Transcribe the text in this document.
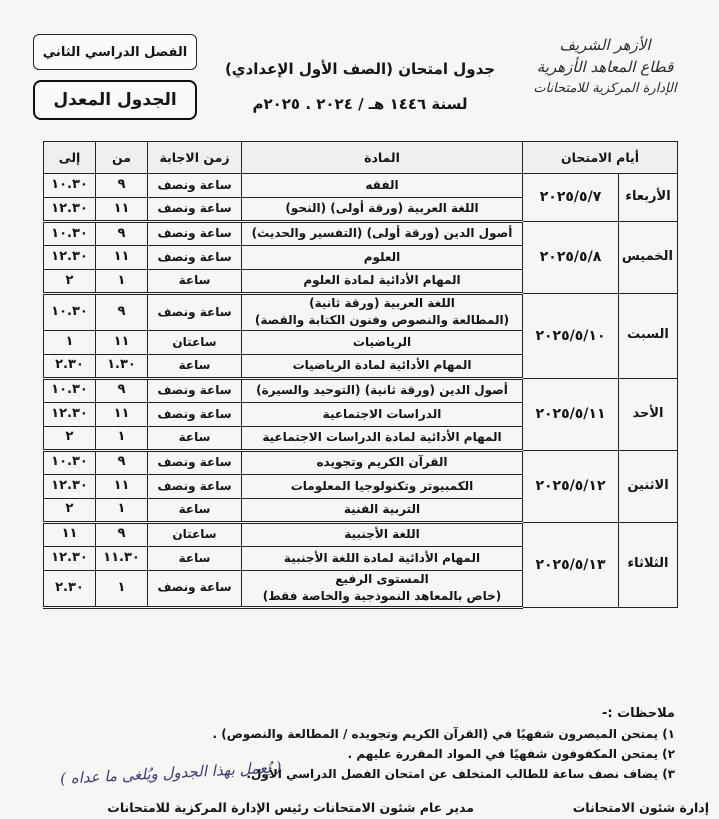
الأزهر الشريف
قطاع المعاهد الأزهرية
الإدارة المركزية للامتحانات
جدول امتحان (الصف الأول الإعدادي)
لسنة ١٤٤٦ هـ / ٢٠٢٤ . ٢٠٢٥م
الفصل الدراسي الثاني
الجدول المعدل
أيام الامتحان		المادة	زمن الاجابة	من	إلى
الأربعاء	٢٠٢٥/٥/٧	الفقه	ساعة ونصف	٩	١٠.٣٠
		اللغة العربية (ورقة أولى) (النحو)	ساعة ونصف	١١	١٢.٣٠
الخميس	٢٠٢٥/٥/٨	أصول الدين (ورقة أولى) (التفسير والحديث)	ساعة ونصف	٩	١٠.٣٠
		العلوم	ساعة ونصف	١١	١٢.٣٠
		المهام الأدائية لمادة العلوم	ساعة	١	٢
السبت	٢٠٢٥/٥/١٠	اللغة العربية (ورقة ثانية)
(المطالعة والنصوص وفنون الكتابة والقصة)	ساعة ونصف	٩	١٠.٣٠
		الرياضيات	ساعتان	١١	١
		المهام الأدائية لمادة الرياضيات	ساعة	١.٣٠	٢.٣٠
الأحد	٢٠٢٥/٥/١١	أصول الدين (ورقة ثانية) (التوحيد والسيرة)	ساعة ونصف	٩	١٠.٣٠
		الدراسات الاجتماعية	ساعة ونصف	١١	١٢.٣٠
		المهام الأدائية لمادة الدراسات الاجتماعية	ساعة	١	٢
الاثنين	٢٠٢٥/٥/١٢	القرآن الكريم وتجويده	ساعة ونصف	٩	١٠.٣٠
		الكمبيوتر وتكنولوجيا المعلومات	ساعة ونصف	١١	١٢.٣٠
		التربية الفنية	ساعة	١	٢
الثلاثاء	٢٠٢٥/٥/١٣	اللغة الأجنبية	ساعتان	٩	١١
		المهام الأدائية لمادة اللغة الأجنبية	ساعة	١١.٣٠	١٢.٣٠

		المستوى الرفيع
(خاص بالمعاهد النموذجية والخاصة فقط)	ساعة ونصف	١	٢.٣٠
ملاحظات :-
١) يمتحن المبصرون شفهيًا في (القرآن الكريم وتجويده / المطالعة والنصوص) .
٢) يمتحن المكفوفون شفهيًا في المواد المقررة عليهم .
٣) يضاف نصف ساعة للطالب المتخلف عن امتحان الفصل الدراسي الأول.
( يُعمل بهذا الجدول ويُلغى ما عداه )
إدارة شئون الامتحانات
مدير عام شئون الامتحانات
رئيس الإدارة المركزية للامتحانات
